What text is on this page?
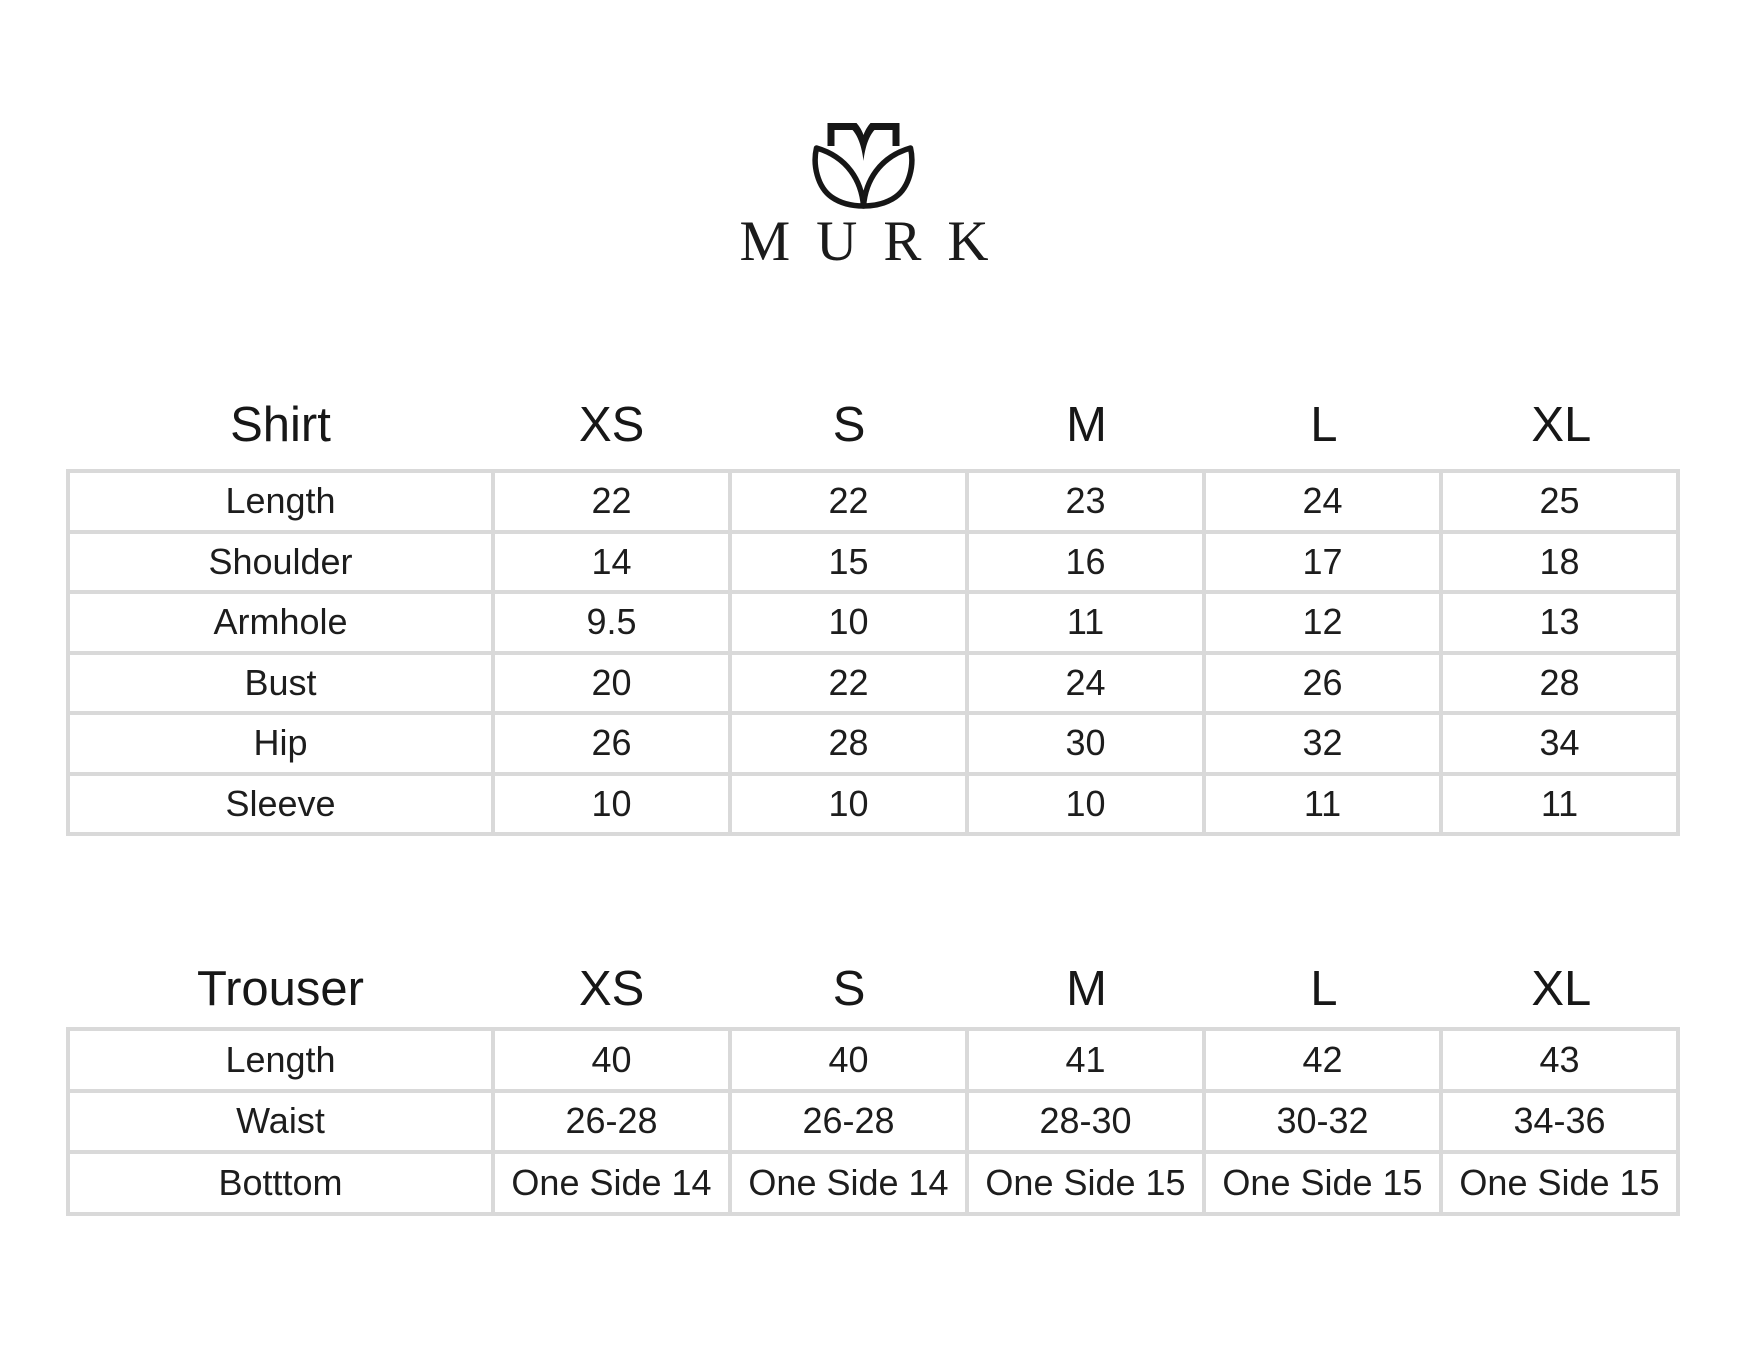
MURK
Shirt	XS	S	M	L	XL
Length	22	22	23	24	25
Shoulder	14	15	16	17	18
Armhole	9.5	10	11	12	13
Bust	20	22	24	26	28
Hip	26	28	30	32	34
Sleeve	10	10	10	11	11
Trouser	XS	S	M	L	XL
Length	40	40	41	42	43
Waist	26-28	26-28	28-30	30-32	34-36
Botttom	One Side 14	One Side 14	One Side 15	One Side 15	One Side 15
